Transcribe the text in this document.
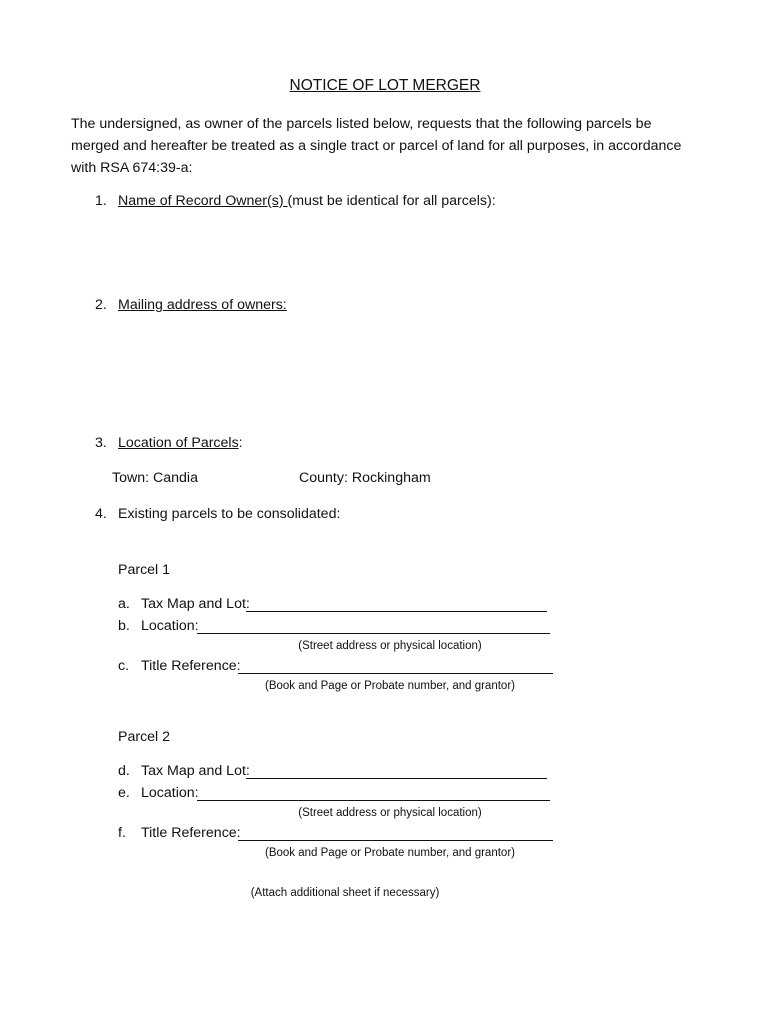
NOTICE OF LOT MERGER
The undersigned, as owner of the parcels listed below, requests that the following parcels be merged and hereafter be treated as a single tract or parcel of land for all purposes, in accordance with RSA 674:39-a:
1. Name of Record Owner(s) (must be identical for all parcels):
2. Mailing address of owners:
3. Location of Parcels:
Town: Candia	County: Rockingham
4. Existing parcels to be consolidated:
Parcel 1
a. Tax Map and Lot:
b. Location:
(Street address or physical location)
c. Title Reference:
(Book and Page or Probate number, and grantor)
Parcel 2
d. Tax Map and Lot:
e. Location:
(Street address or physical location)
f. Title Reference:
(Book and Page or Probate number, and grantor)
(Attach additional sheet if necessary)
